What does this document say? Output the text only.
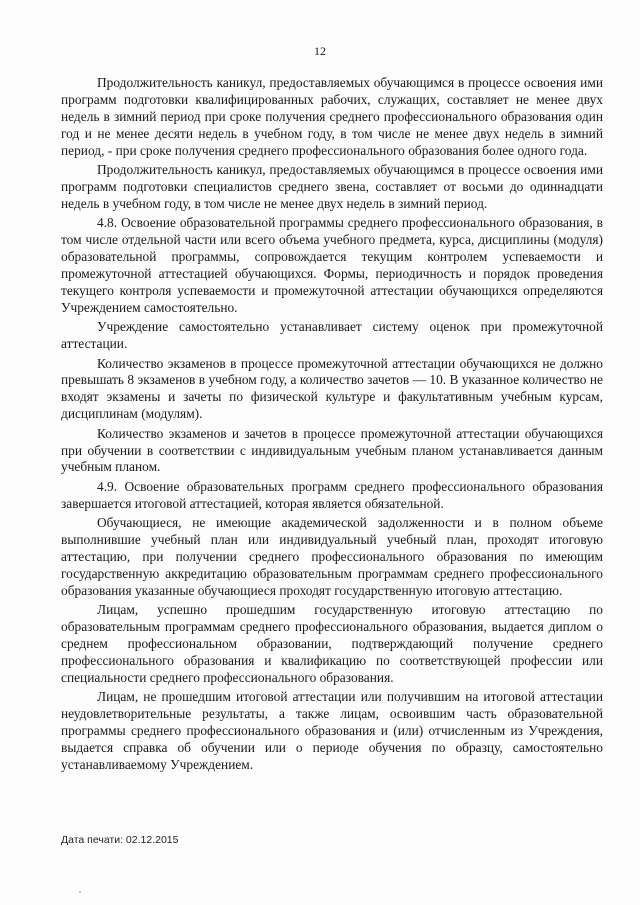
12

Продолжительность каникул, предоставляемых обучающимся в процессе освоения ими программ подготовки квалифицированных рабочих, служащих, составляет не менее двух недель в зимний период при сроке получения среднего профессионального образования один год и не менее десяти недель в учебном году, в том числе не менее двух недель в зимний период, - при сроке получения среднего профессионального образования более одного года.

Продолжительность каникул, предоставляемых обучающимся в процессе освоения ими программ подготовки специалистов среднего звена, составляет от восьми до одиннадцати недель в учебном году, в том числе не менее двух недель в зимний период.

4.8. Освоение образовательной программы среднего профессионального образования, в том числе отдельной части или всего объема учебного предмета, курса, дисциплины (модуля) образовательной программы, сопровождается текущим контролем успеваемости и промежуточной аттестацией обучающихся. Формы, периодичность и порядок проведения текущего контроля успеваемости и промежуточной аттестации обучающихся определяются Учреждением самостоятельно.

Учреждение самостоятельно устанавливает систему оценок при промежуточной аттестации.

Количество экзаменов в процессе промежуточной аттестации обучающихся не должно превышать 8 экзаменов в учебном году, а количество зачетов — 10. В указанное количество не входят экзамены и зачеты по физической культуре и факультативным учебным курсам, дисциплинам (модулям).

Количество экзаменов и зачетов в процессе промежуточной аттестации обучающихся при обучении в соответствии с индивидуальным учебным планом устанавливается данным учебным планом.

4.9. Освоение образовательных программ среднего профессионального образования завершается итоговой аттестацией, которая является обязательной.

Обучающиеся, не имеющие академической задолженности и в полном объеме выполнившие учебный план или индивидуальный учебный план, проходят итоговую аттестацию, при получении среднего профессионального образования по имеющим государственную аккредитацию образовательным программам среднего профессионального образования указанные обучающиеся проходят государственную итоговую аттестацию.

Лицам, успешно прошедшим государственную итоговую аттестацию по образовательным программам среднего профессионального образования, выдается диплом о среднем профессиональном образовании, подтверждающий получение среднего профессионального образования и квалификацию по соответствующей профессии или специальности среднего профессионального образования.

Лицам, не прошедшим итоговой аттестации или получившим на итоговой аттестации неудовлетворительные результаты, а также лицам, освоившим часть образовательной программы среднего профессионального образования и (или) отчисленным из Учреждения, выдается справка об обучении или о периоде обучения по образцу, самостоятельно устанавливаемому Учреждением.

Дата печати: 02.12.2015
